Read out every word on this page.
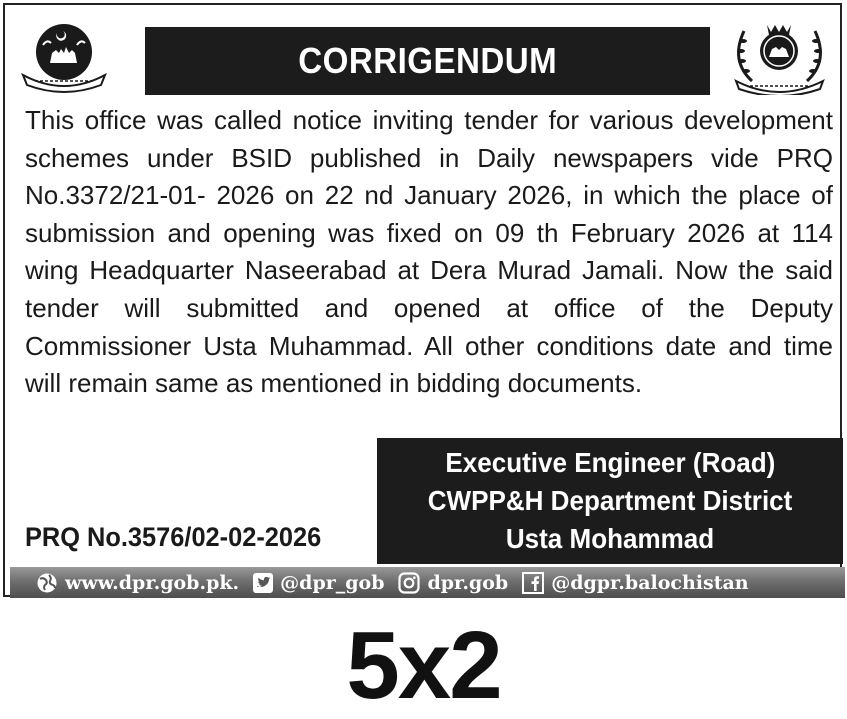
CORRIGENDUM

This office was called notice inviting tender for various development schemes under BSID published in Daily newspapers vide PRQ No.3372/21-01- 2026 on 22 nd January 2026, in which the place of submission and opening was fixed on 09 th February 2026 at 114 wing Headquarter Naseerabad at Dera Murad Jamali. Now the said tender will submitted and opened at office of the Deputy Commissioner Usta Muhammad. All other conditions date and time will remain same as mentioned in bidding documents.

PRQ No.3576/02-02-2026
Executive Engineer (Road)
CWPP&H Department District
Usta Mohammad
www.dpr.gob.pk. @dpr_gob dpr.gob @dgpr.balochistan
5x2
